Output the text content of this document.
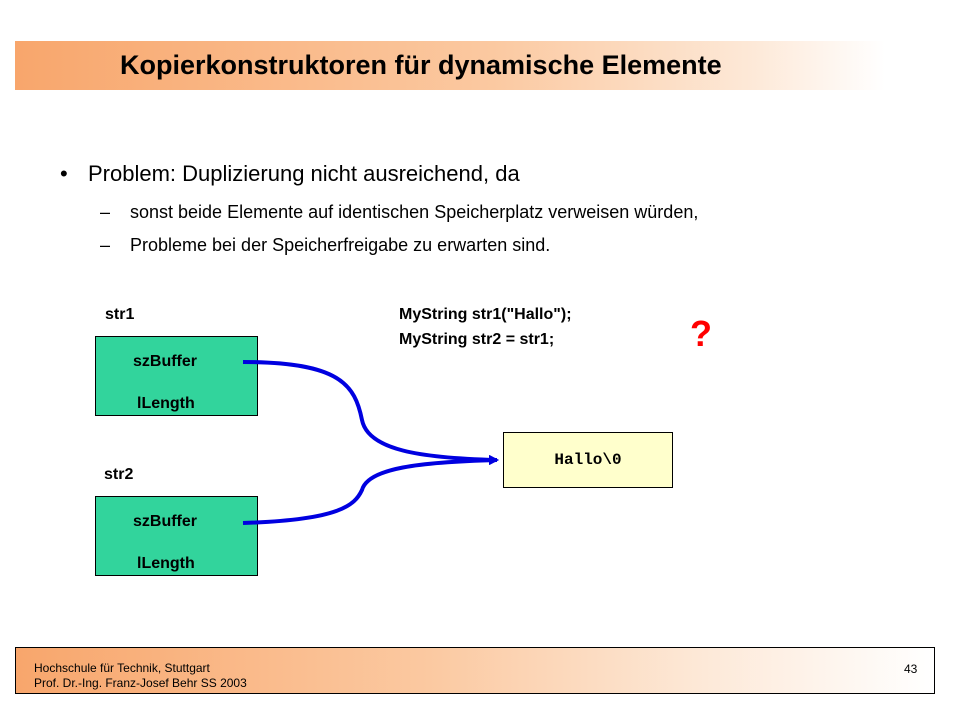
Kopierkonstruktoren für dynamische Elemente
• Problem: Duplizierung nicht ausreichend, da
– sonst beide Elemente auf identischen Speicherplatz verweisen würden,
– Probleme bei der Speicherfreigabe zu erwarten sind.
str1
str2
MyString str1("Hallo");
MyString str2 = str1;
szBuffer
lLength
szBuffer
lLength
Hallo\0
?
Hochschule für Technik, Stuttgart
Prof. Dr.-Ing. Franz-Josef Behr SS 2003
43
